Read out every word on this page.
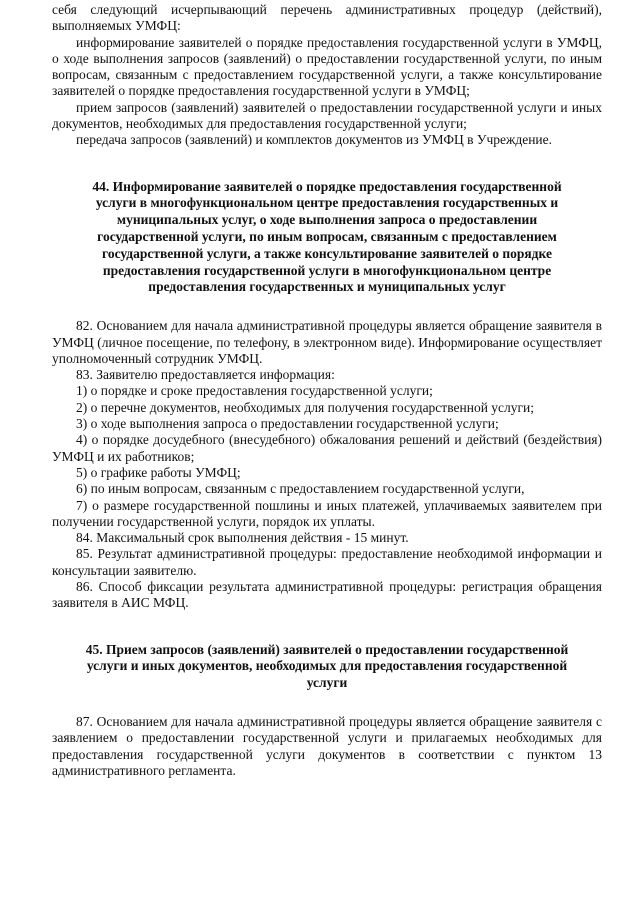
себя следующий исчерпывающий перечень административных процедур (действий), выполняемых УМФЦ:

информирование заявителей о порядке предоставления государственной услуги в УМФЦ, о ходе выполнения запросов (заявлений) о предоставлении государственной услуги, по иным вопросам, связанным с предоставлением государственной услуги, а также консультирование заявителей о порядке предоставления государственной услуги в УМФЦ;

прием запросов (заявлений) заявителей о предоставлении государственной услуги и иных документов, необходимых для предоставления государственной услуги;

передача запросов (заявлений) и комплектов документов из УМФЦ в Учреждение.

44. Информирование заявителей о порядке предоставления государственной услуги в многофункциональном центре предоставления государственных и муниципальных услуг, о ходе выполнения запроса о предоставлении государственной услуги, по иным вопросам, связанным с предоставлением государственной услуги, а также консультирование заявителей о порядке предоставления государственной услуги в многофункциональном центре предоставления государственных и муниципальных услуг

82. Основанием для начала административной процедуры является обращение заявителя в УМФЦ (личное посещение, по телефону, в электронном виде). Информирование осуществляет уполномоченный сотрудник УМФЦ.

83. Заявителю предоставляется информация:

1) о порядке и сроке предоставления государственной услуги;

2) о перечне документов, необходимых для получения государственной услуги;

3) о ходе выполнения запроса о предоставлении государственной услуги;

4) о порядке досудебного (внесудебного) обжалования решений и действий (бездействия) УМФЦ и их работников;

5) о графике работы УМФЦ;

6) по иным вопросам, связанным с предоставлением государственной услуги,

7) о размере государственной пошлины и иных платежей, уплачиваемых заявителем при получении государственной услуги, порядок их уплаты.

84. Максимальный срок выполнения действия - 15 минут.

85. Результат административной процедуры: предоставление необходимой информации и консультации заявителю.

86. Способ фиксации результата административной процедуры: регистрация обращения заявителя в АИС МФЦ.

45. Прием запросов (заявлений) заявителей о предоставлении государственной услуги и иных документов, необходимых для предоставления государственной услуги

87. Основанием для начала административной процедуры является обращение заявителя с заявлением о предоставлении государственной услуги и прилагаемых необходимых для предоставления государственной услуги документов в соответствии с пунктом 13 административного регламента.
